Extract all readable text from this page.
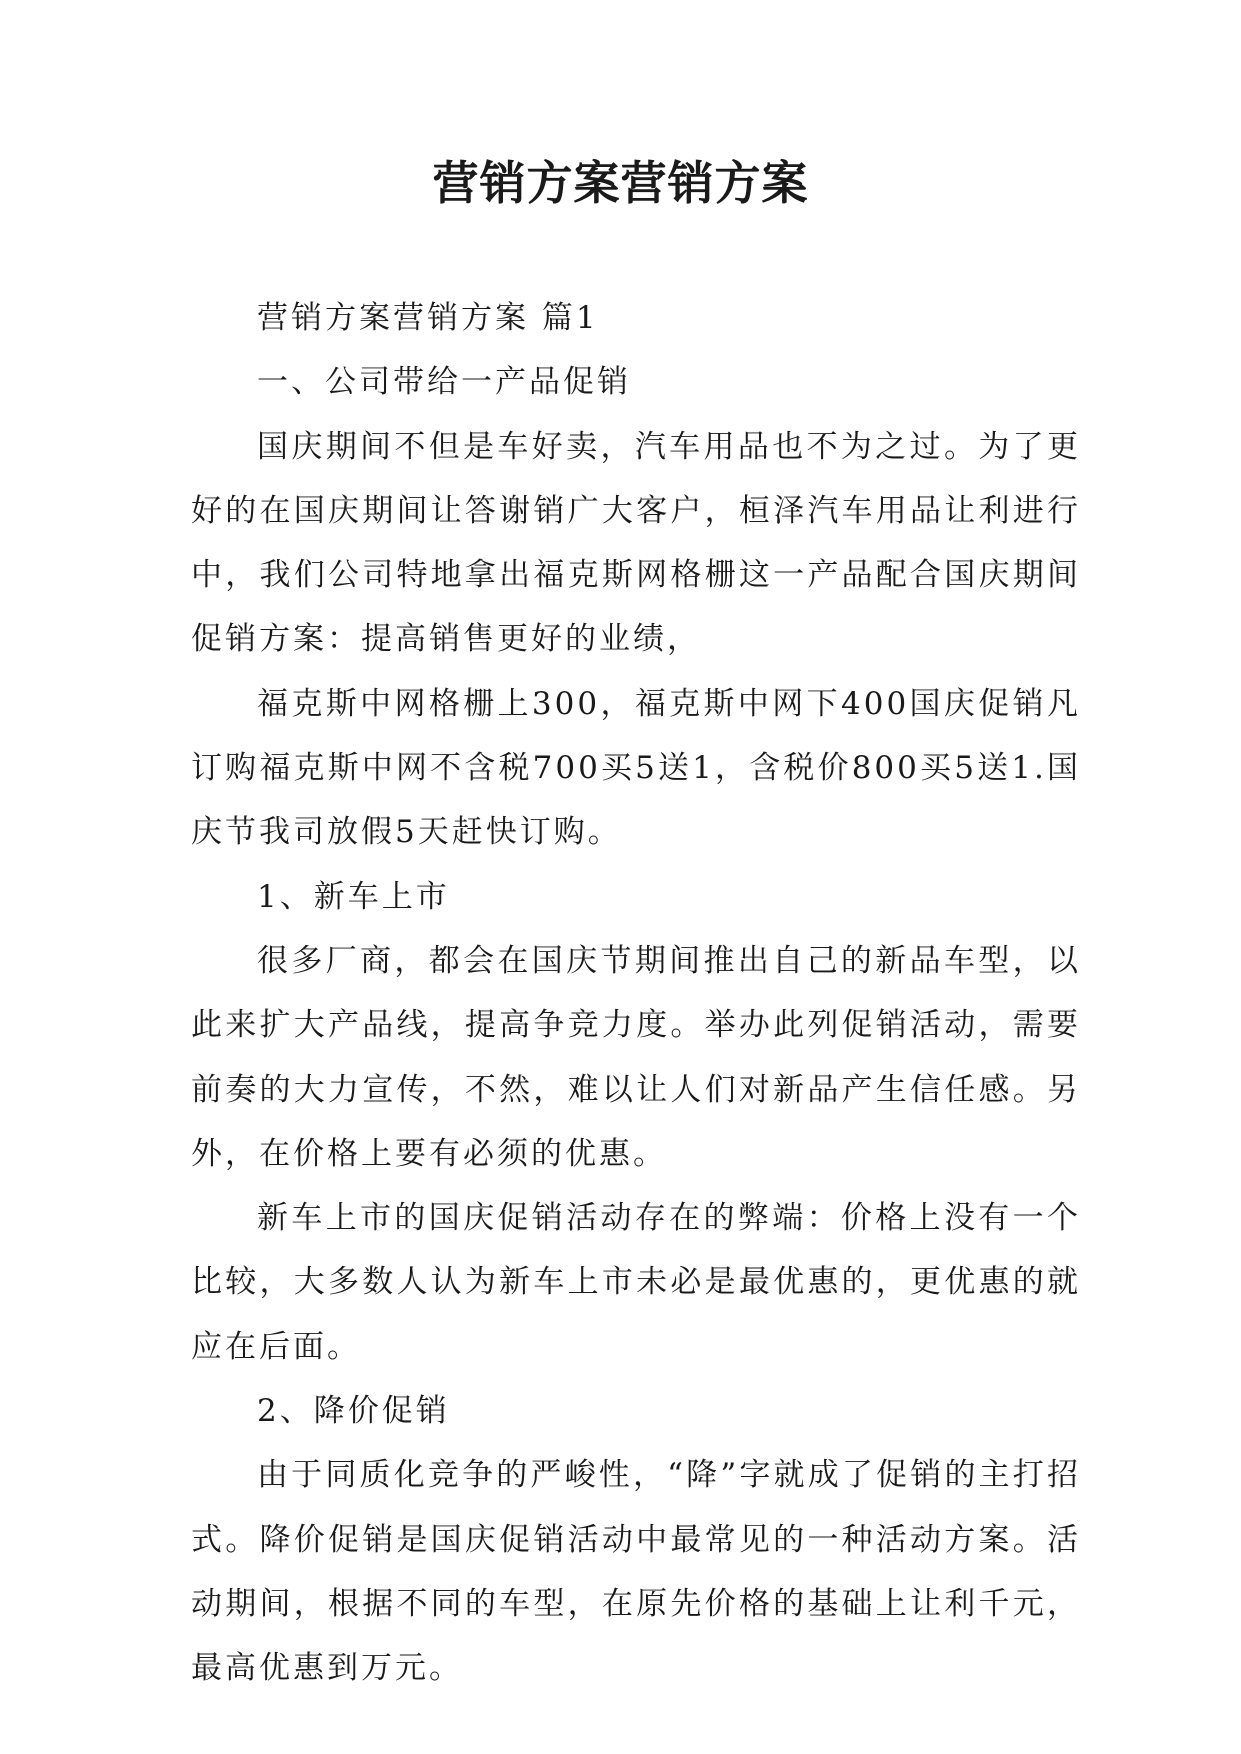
营销方案营销方案

营销方案营销方案 篇1

一、公司带给一产品促销

国庆期间不但是车好卖，汽车用品也不为之过。为了更好的在国庆期间让答谢销广大客户，桓泽汽车用品让利进行中，我们公司特地拿出福克斯网格栅这一产品配合国庆期间促销方案：提高销售更好的业绩，

福克斯中网格栅上300，福克斯中网下400国庆促销凡订购福克斯中网不含税700买5送1，含税价800买5送1.国庆节我司放假5天赶快订购。

1、新车上市

很多厂商，都会在国庆节期间推出自己的新品车型，以此来扩大产品线，提高争竞力度。举办此列促销活动，需要前奏的大力宣传，不然，难以让人们对新品产生信任感。另外，在价格上要有必须的优惠。

新车上市的国庆促销活动存在的弊端：价格上没有一个比较，大多数人认为新车上市未必是最优惠的，更优惠的就应在后面。

2、降价促销

由于同质化竞争的严峻性，“降”字就成了促销的主打招式。降价促销是国庆促销活动中最常见的一种活动方案。活动期间，根据不同的车型，在原先价格的基础上让利千元，最高优惠到万元。
